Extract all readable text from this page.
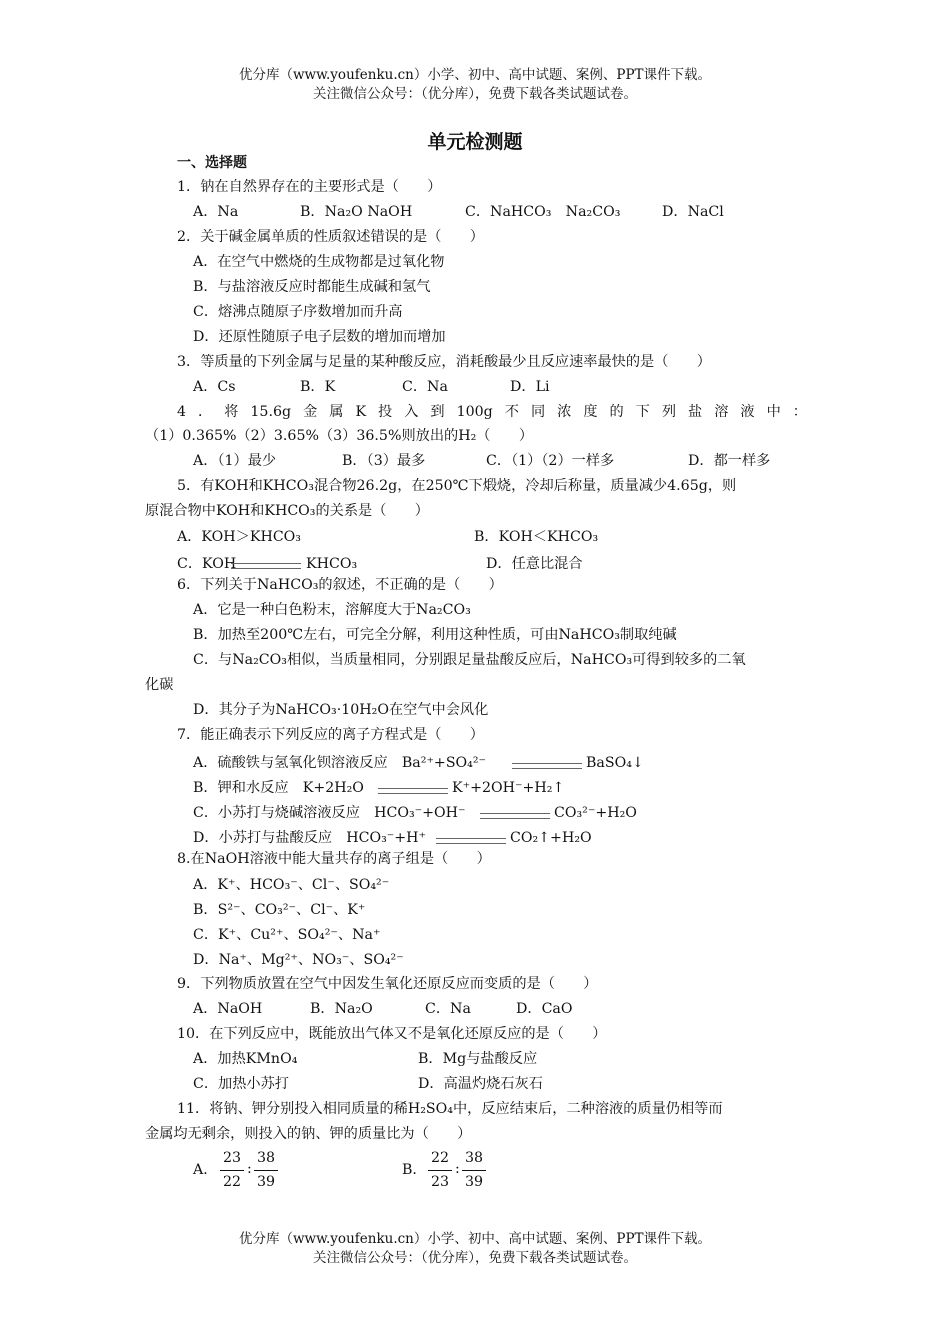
优分库（www.youfenku.cn）小学、初中、高中试题、案例、PPT课件下载。
关注微信公众号：（优分库），免费下载各类试题试卷。
单元检测题
一、选择题
1．钠在自然界存在的主要形式是（　　）
A．Na	B．Na₂O NaOH	C．NaHCO₃　Na₂CO₃	D．NaCl
2．关于碱金属单质的性质叙述错误的是（　　）
A．在空气中燃烧的生成物都是过氧化物
B．与盐溶液反应时都能生成碱和氢气
C．熔沸点随原子序数增加而升高
D．还原性随原子电子层数的增加而增加
3．等质量的下列金属与足量的某种酸反应，消耗酸最少且反应速率最快的是（　　）
A．Cs	B．K	C．Na	D．Li
4．将15.6g金属K投入到100g不同浓度的下列盐溶液中：
（1）0.365%（2）3.65%（3）36.5%则放出的H₂（　　）
A．（1）最少	B．（3）最多	C．（1）（2）一样多	D．都一样多
5．有KOH和KHCO₃混合物26.2g，在250℃下煅烧，冷却后称量，质量减少4.65g，则
原混合物中KOH和KHCO₃的关系是（　　）
A．KOH＞KHCO₃	B．KOH＜KHCO₃
C．KOH	KHCO₃	D．任意比混合
6．下列关于NaHCO₃的叙述，不正确的是（　　）
A．它是一种白色粉末，溶解度大于Na₂CO₃
B．加热至200℃左右，可完全分解，利用这种性质，可由NaHCO₃制取纯碱
C．与Na₂CO₃相似，当质量相同，分别跟足量盐酸反应后，NaHCO₃可得到较多的二氧
化碳
D．其分子为NaHCO₃·10H₂O在空气中会风化
7．能正确表示下列反应的离子方程式是（　　）
A．硫酸铁与氢氧化钡溶液反应　Ba²⁺+SO₄²⁻	BaSO₄↓
B．钾和水反应　K+2H₂O	K⁺+2OH⁻+H₂↑
C．小苏打与烧碱溶液反应　HCO₃⁻+OH⁻	CO₃²⁻+H₂O
D．小苏打与盐酸反应　HCO₃⁻+H⁺	CO₂↑+H₂O
8.在NaOH溶液中能大量共存的离子组是（　　）
A．K⁺、HCO₃⁻、Cl⁻、SO₄²⁻
B．S²⁻、CO₃²⁻、Cl⁻、K⁺
C．K⁺、Cu²⁺、SO₄²⁻、Na⁺
D．Na⁺、Mg²⁺、NO₃⁻、SO₄²⁻
9．下列物质放置在空气中因发生氧化还原反应而变质的是（　　）
A．NaOH	B．Na₂O	C．Na	D．CaO
10．在下列反应中，既能放出气体又不是氧化还原反应的是（　　）
A．加热KMnO₄	B．Mg与盐酸反应
C．加热小苏打	D．高温灼烧石灰石
11．将钠、钾分别投入相同质量的稀H₂SO₄中，反应结束后，二种溶液的质量仍相等而
金属均无剩余，则投入的钠、钾的质量比为（　　）
A．
23
22
:
38
39
B．
22
23
:
38
39
优分库（www.youfenku.cn）小学、初中、高中试题、案例、PPT课件下载。
关注微信公众号：（优分库），免费下载各类试题试卷。
